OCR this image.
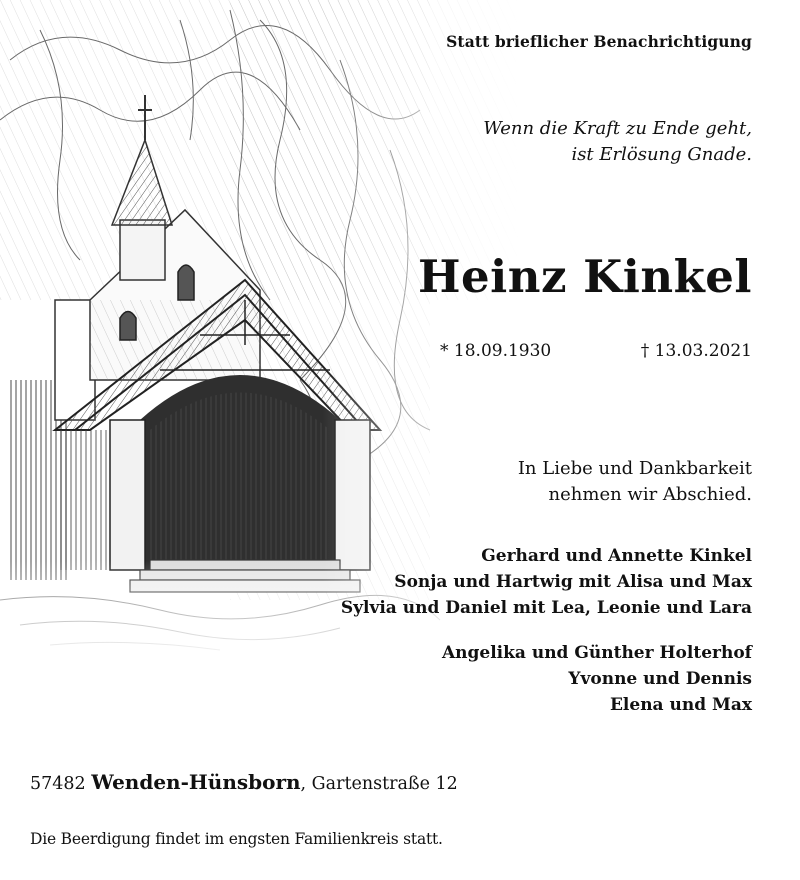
Statt brieflicher Benachrichtigung
Wenn die Kraft zu Ende geht,
ist Erlösung Gnade.
Heinz Kinkel
* 18.09.1930	† 13.03.2021
In Liebe und Dankbarkeit
nehmen wir Abschied.
Gerhard und Annette Kinkel
Sonja und Hartwig mit Alisa und Max
Sylvia und Daniel mit Lea, Leonie und Lara
Angelika und Günther Holterhof
Yvonne und Dennis
Elena und Max
57482 Wenden-Hünsborn, Gartenstraße 12
Die Beerdigung findet im engsten Familienkreis statt.
